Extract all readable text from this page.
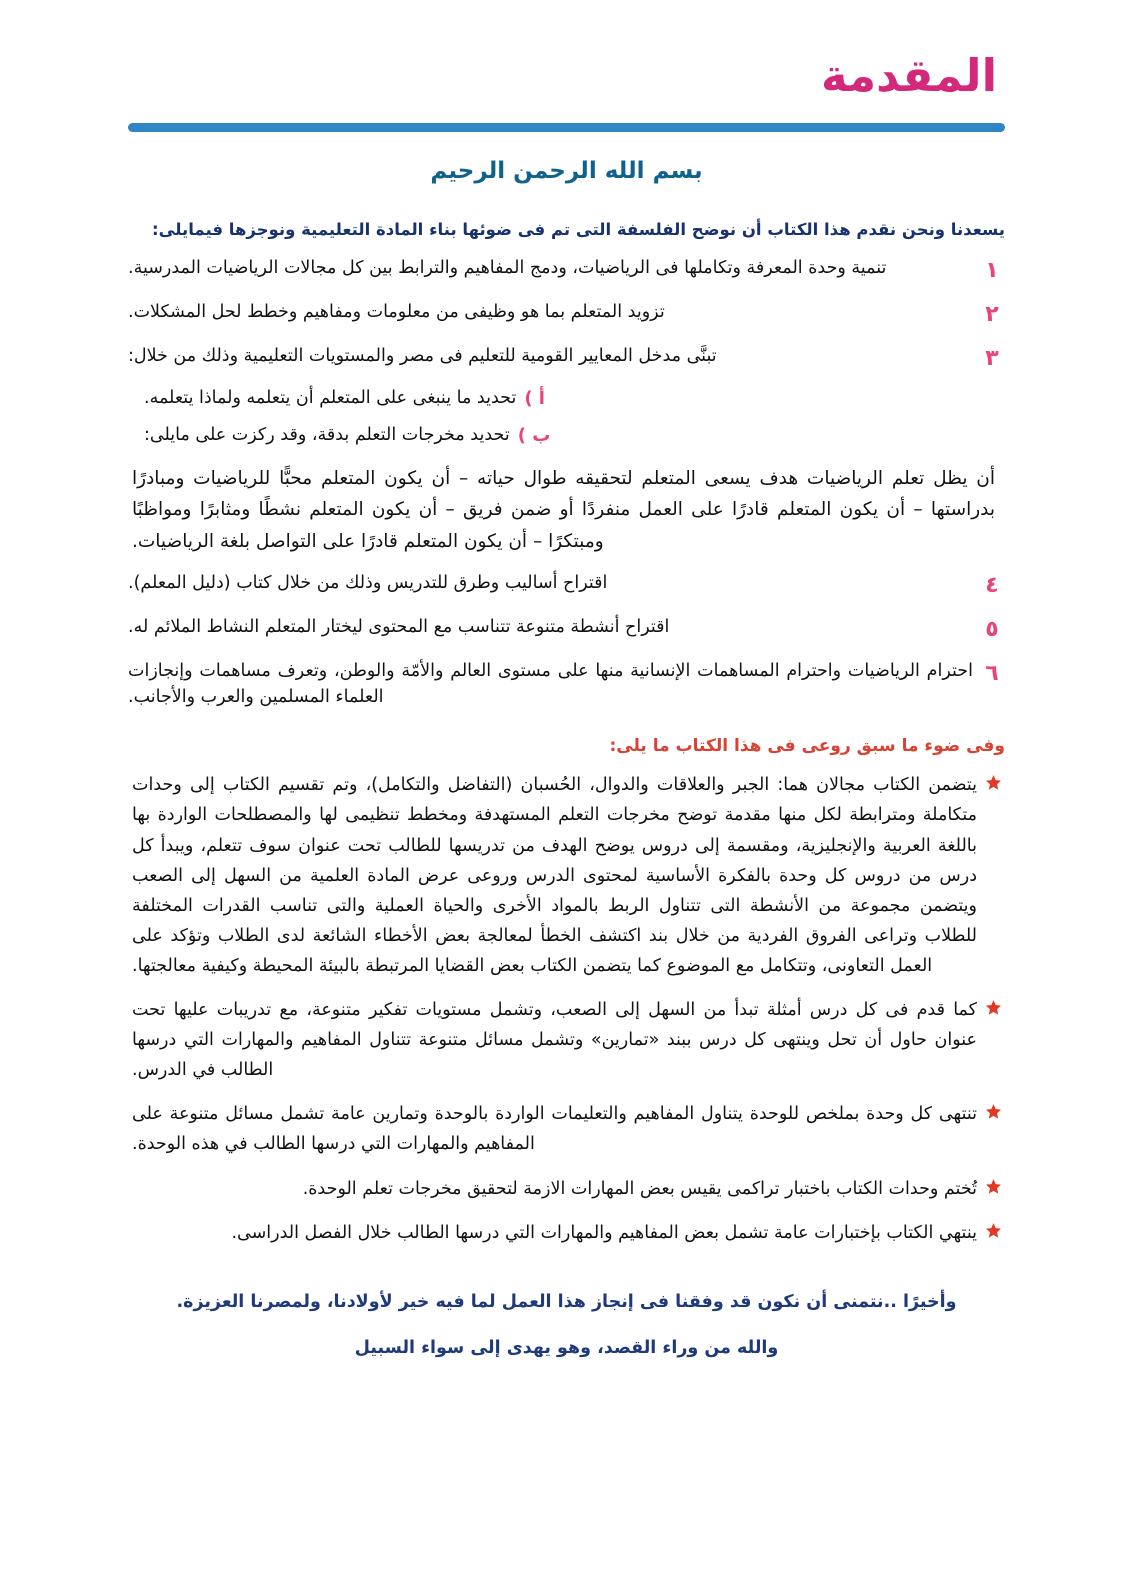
المقدمة
بسم الله الرحمن الرحيم

يسعدنا ونحن نقدم هذا الكتاب أن نوضح الفلسفة التى تم فى ضوئها بناء المادة التعليمية ونوجزها فيمايلى:

١
تنمية وحدة المعرفة وتكاملها فى الرياضيات، ودمج المفاهيم والترابط بين كل مجالات الرياضيات المدرسية.
٢
تزويد المتعلم بما هو وظيفى من معلومات ومفاهيم وخطط لحل المشكلات.
٣
تبنَّى مدخل المعايير القومية للتعليم فى مصر والمستويات التعليمية وذلك من خلال:
أ )
تحديد ما ينبغى على المتعلم أن يتعلمه ولماذا يتعلمه.
ب )
تحديد مخرجات التعلم بدقة، وقد ركزت على مايلى:

أن يظل تعلم الرياضيات هدف يسعى المتعلم لتحقيقه طوال حياته – أن يكون المتعلم محبًّا للرياضيات ومبادرًا بدراستها – أن يكون المتعلم قادرًا على العمل منفردًا أو ضمن فريق – أن يكون المتعلم نشطًا ومثابرًا ومواظبًا ومبتكرًا – أن يكون المتعلم قادرًا على التواصل بلغة الرياضيات.

٤
اقتراح أساليب وطرق للتدريس وذلك من خلال كتاب (دليل المعلم).
٥
اقتراح أنشطة متنوعة تتناسب مع المحتوى ليختار المتعلم النشاط الملائم له.
٦
احترام الرياضيات واحترام المساهمات الإنسانية منها على مستوى العالم والأمّة والوطن، وتعرف مساهمات وإنجازات العلماء المسلمين والعرب والأجانب.

وفى ضوء ما سبق روعى فى هذا الكتاب ما يلى:

يتضمن الكتاب مجالان هما: الجبر والعلاقات والدوال، الحُسبان (التفاضل والتكامل)، وتم تقسيم الكتاب إلى وحدات متكاملة ومترابطة لكل منها مقدمة توضح مخرجات التعلم المستهدفة ومخطط تنظيمى لها والمصطلحات الواردة بها باللغة العربية والإنجليزية، ومقسمة إلى دروس يوضح الهدف من تدريسها للطالب تحت عنوان سوف تتعلم، ويبدأ كل درس من دروس كل وحدة بالفكرة الأساسية لمحتوى الدرس وروعى عرض المادة العلمية من السهل إلى الصعب ويتضمن مجموعة من الأنشطة التى تتناول الربط بالمواد الأخرى والحياة العملية والتى تناسب القدرات المختلفة للطلاب وتراعى الفروق الفردية من خلال بند اكتشف الخطأ لمعالجة بعض الأخطاء الشائعة لدى الطلاب وتؤكد على العمل التعاونى، وتتكامل مع الموضوع كما يتضمن الكتاب بعض القضايا المرتبطة بالبيئة المحيطة وكيفية معالجتها.
كما قدم فى كل درس أمثلة تبدأ من السهل إلى الصعب، وتشمل مستويات تفكير متنوعة، مع تدريبات عليها تحت عنوان حاول أن تحل وينتهى كل درس ببند «تمارين» وتشمل مسائل متنوعة تتناول المفاهيم والمهارات التي درسها الطالب في الدرس.
تنتهى كل وحدة بملخص للوحدة يتناول المفاهيم والتعليمات الواردة بالوحدة وتمارين عامة تشمل مسائل متنوعة على المفاهيم والمهارات التي درسها الطالب في هذه الوحدة.
تُختم وحدات الكتاب باختبار تراكمى يقيس بعض المهارات الازمة لتحقيق مخرجات تعلم الوحدة.
ينتهي الكتاب بإختبارات عامة تشمل بعض المفاهيم والمهارات التي درسها الطالب خلال الفصل الدراسى.
وأخيرًا ..نتمنى أن نكون قد وفقنا فى إنجاز هذا العمل لما فيه خير لأولادنا، ولمصرنا العزيزة.
والله من وراء القصد، وهو يهدى إلى سواء السبيل
